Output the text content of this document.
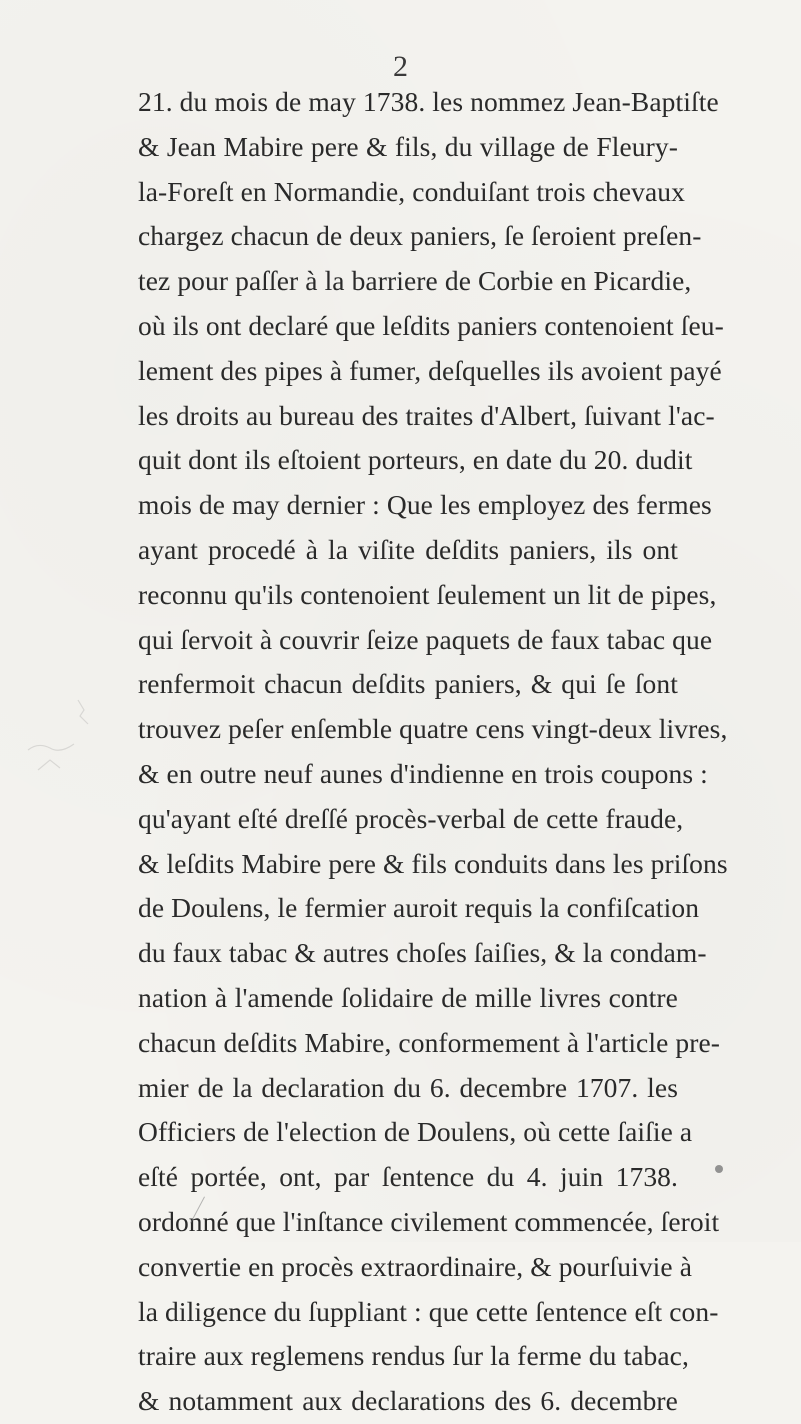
2
21. du mois de may 1738. les nommez Jean-Baptiſte
& Jean Mabire pere & fils, du village de Fleury-
la-Foreſt en Normandie, conduiſant trois chevaux
chargez chacun de deux paniers, ſe ſeroient preſen-
tez pour paſſer à la barriere de Corbie en Picardie,
où ils ont declaré que leſdits paniers contenoient ſeu-
lement des pipes à fumer, deſquelles ils avoient payé
les droits au bureau des traites d'Albert, ſuivant l'ac-
quit dont ils eſtoient porteurs, en date du 20. dudit
mois de may dernier : Que les employez des fermes
ayant procedé à la viſite deſdits paniers, ils ont
reconnu qu'ils contenoient ſeulement un lit de pipes,
qui ſervoit à couvrir ſeize paquets de faux tabac que
renfermoit chacun deſdits paniers, & qui ſe ſont
trouvez peſer enſemble quatre cens vingt-deux livres,
& en outre neuf aunes d'indienne en trois coupons :
qu'ayant eſté dreſſé procès-verbal de cette fraude,
& leſdits Mabire pere & fils conduits dans les priſons
de Doulens, le fermier auroit requis la confiſcation
du faux tabac & autres choſes ſaiſies, & la condam-
nation à l'amende ſolidaire de mille livres contre
chacun deſdits Mabire, conformement à l'article pre-
mier de la declaration du 6. decembre 1707. les
Officiers de l'election de Doulens, où cette ſaiſie a
eſté portée, ont, par ſentence du 4. juin 1738.
ordonné que l'inſtance civilement commencée, ſeroit
convertie en procès extraordinaire, & pourſuivie à
la diligence du ſuppliant : que cette ſentence eſt con-
traire aux reglemens rendus ſur la ferme du tabac,
& notamment aux declarations des 6. decembre
